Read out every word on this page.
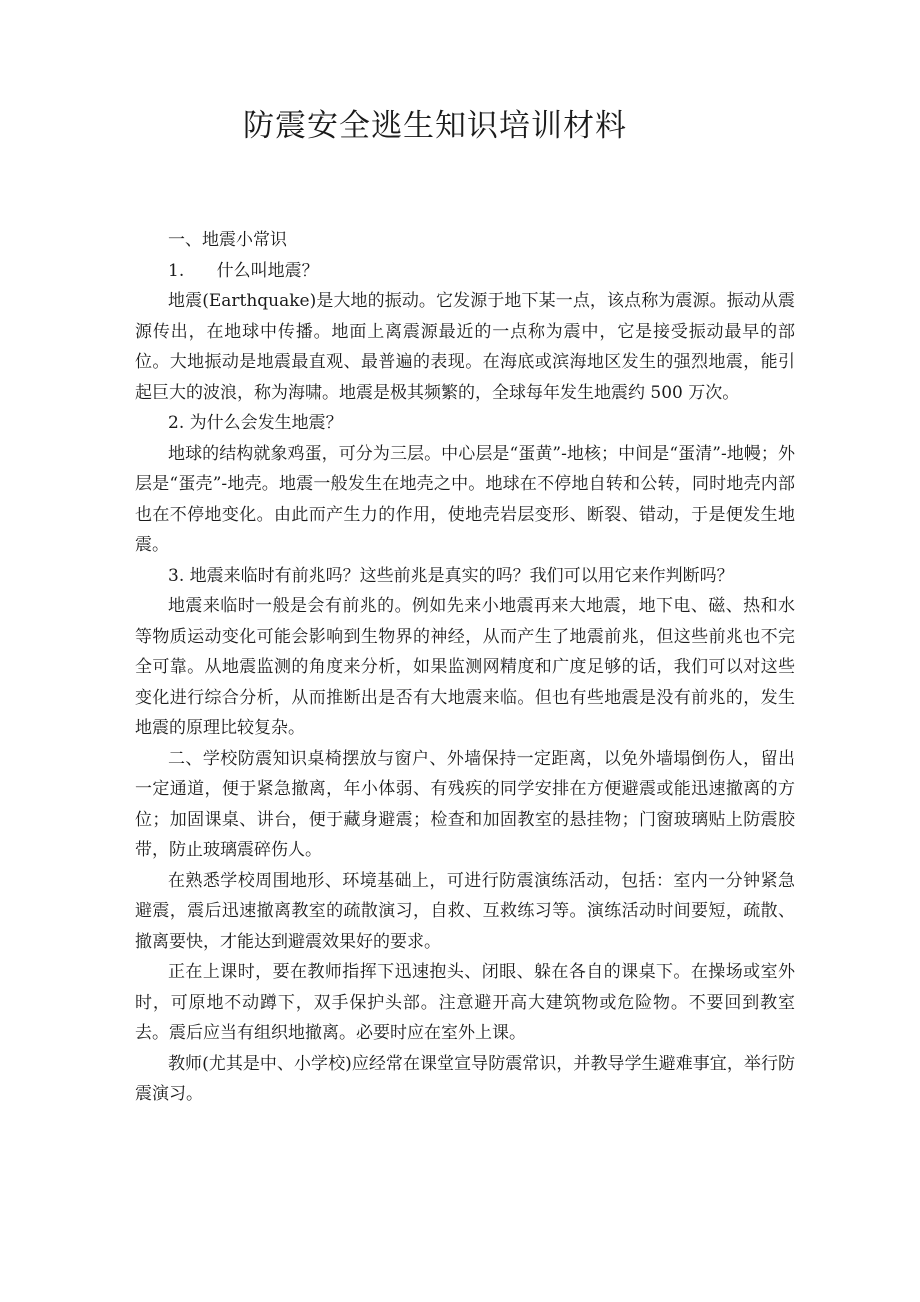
防震安全逃生知识培训材料

一、地震小常识

1.      什么叫地震？

地震(Earthquake)是大地的振动。它发源于地下某一点，该点称为震源。振动从震源传出，在地球中传播。地面上离震源最近的一点称为震中，它是接受振动最早的部位。大地振动是地震最直观、最普遍的表现。在海底或滨海地区发生的强烈地震，能引起巨大的波浪，称为海啸。地震是极其频繁的，全球每年发生地震约 500 万次。

2. 为什么会发生地震？

地球的结构就象鸡蛋，可分为三层。中心层是“蛋黄”-地核；中间是“蛋清”-地幔；外层是“蛋壳”-地壳。地震一般发生在地壳之中。地球在不停地自转和公转，同时地壳内部也在不停地变化。由此而产生力的作用，使地壳岩层变形、断裂、错动，于是便发生地震。

3. 地震来临时有前兆吗？这些前兆是真实的吗？我们可以用它来作判断吗？

地震来临时一般是会有前兆的。例如先来小地震再来大地震，地下电、磁、热和水等物质运动变化可能会影响到生物界的神经，从而产生了地震前兆，但这些前兆也不完全可靠。从地震监测的角度来分析，如果监测网精度和广度足够的话，我们可以对这些变化进行综合分析，从而推断出是否有大地震来临。但也有些地震是没有前兆的，发生地震的原理比较复杂。

二、学校防震知识桌椅摆放与窗户、外墙保持一定距离，以免外墙塌倒伤人，留出一定通道，便于紧急撤离，年小体弱、有残疾的同学安排在方便避震或能迅速撤离的方位；加固课桌、讲台，便于藏身避震；检查和加固教室的悬挂物；门窗玻璃贴上防震胶带，防止玻璃震碎伤人。

在熟悉学校周围地形、环境基础上，可进行防震演练活动，包括：室内一分钟紧急避震，震后迅速撤离教室的疏散演习，自救、互救练习等。演练活动时间要短，疏散、撤离要快，才能达到避震效果好的要求。

正在上课时，要在教师指挥下迅速抱头、闭眼、躲在各自的课桌下。在操场或室外时，可原地不动蹲下，双手保护头部。注意避开高大建筑物或危险物。不要回到教室去。震后应当有组织地撤离。必要时应在室外上课。

教师(尤其是中、小学校)应经常在课堂宣导防震常识，并教导学生避难事宜，举行防震演习。
